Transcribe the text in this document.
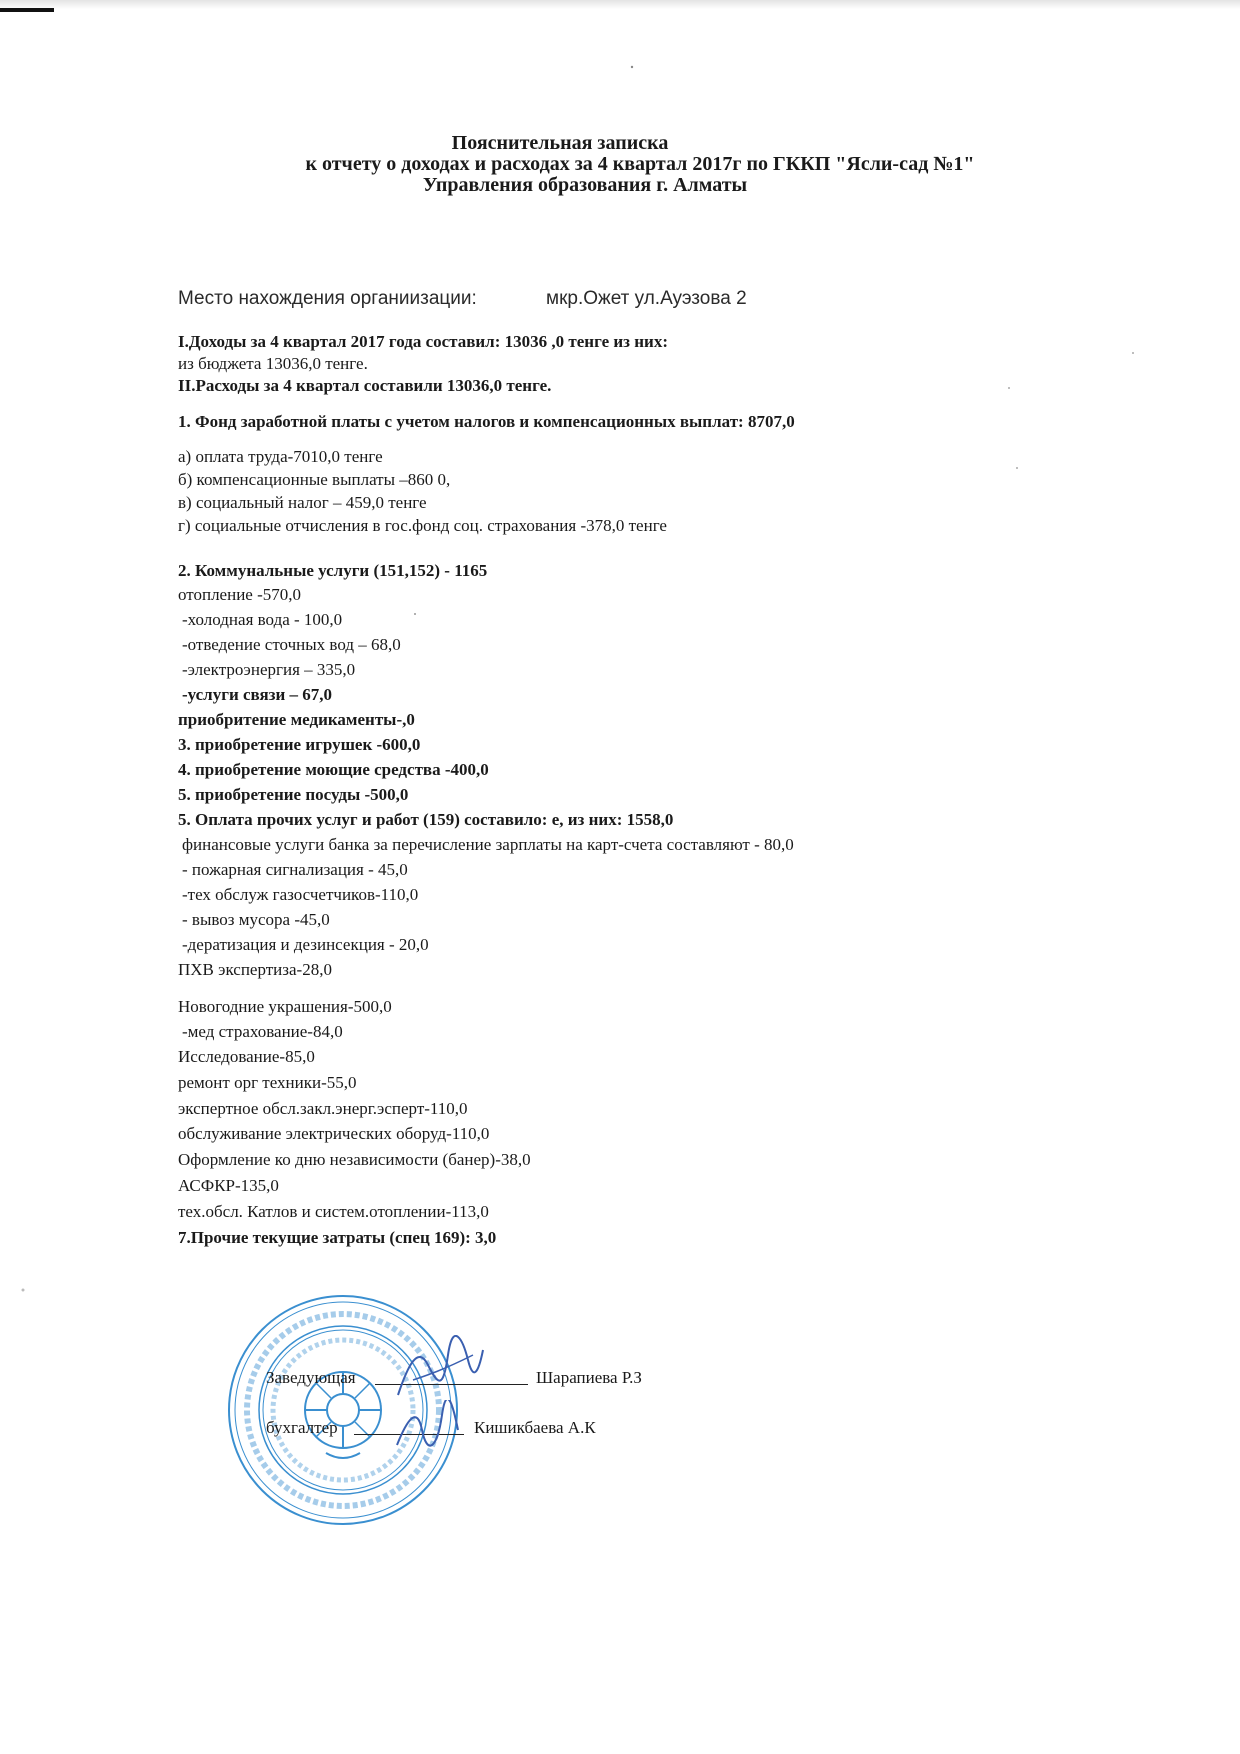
Пояснительная записка
к отчету о доходах и расходах за 4 квартал 2017г по ГККП "Ясли-сад №1"
Управления образования г. Алматы
Место нахождения органиизации:	мкр.Ожет ул.Ауэзова 2
I.Доходы за 4 квартал 2017 года составил: 13036 ,0 тенге из них:
из бюджета 13036,0 тенге.
II.Расходы за 4 квартал составили 13036,0 тенге.
1. Фонд заработной платы с учетом налогов и компенсационных выплат: 8707,0
а) оплата труда-7010,0 тенге
б) компенсационные выплаты –860 0,
в) социальный налог – 459,0 тенге
г) социальные отчисления в гос.фонд соц. страхования -378,0 тенге
2. Коммунальные услуги (151,152) - 1165
отопление -570,0
-холодная вода - 100,0
-отведение сточных вод – 68,0
-электроэнергия – 335,0
-услуги связи – 67,0
приобритение медикаменты-,0
3. приобретение игрушек -600,0
4. приобретение моющие средства -400,0
5. приобретение посуды -500,0
5. Оплата прочих услуг и работ (159) составило: е, из них: 1558,0
финансовые услуги банка за перечисление зарплаты на карт-счета составляют - 80,0
- пожарная сигнализация - 45,0
-тех обслуж газосчетчиков-110,0
- вывоз мусора -45,0
-дератизация и дезинсекция - 20,0
ПХВ экспертиза-28,0
Новогодние украшения-500,0
-мед страхование-84,0
Исследование-85,0
ремонт орг техники-55,0
экспертное обсл.закл.энерг.эсперт-110,0
обслуживание электрических оборуд-110,0
Оформление ко дню независимости (банер)-38,0
АСФКР-135,0
тех.обсл. Катлов и систем.отоплении-113,0
7.Прочие текущие затраты (спец 169): 3,0
Заведующая	Шарапиева Р.З
бухгалтер	Кишикбаева А.К
